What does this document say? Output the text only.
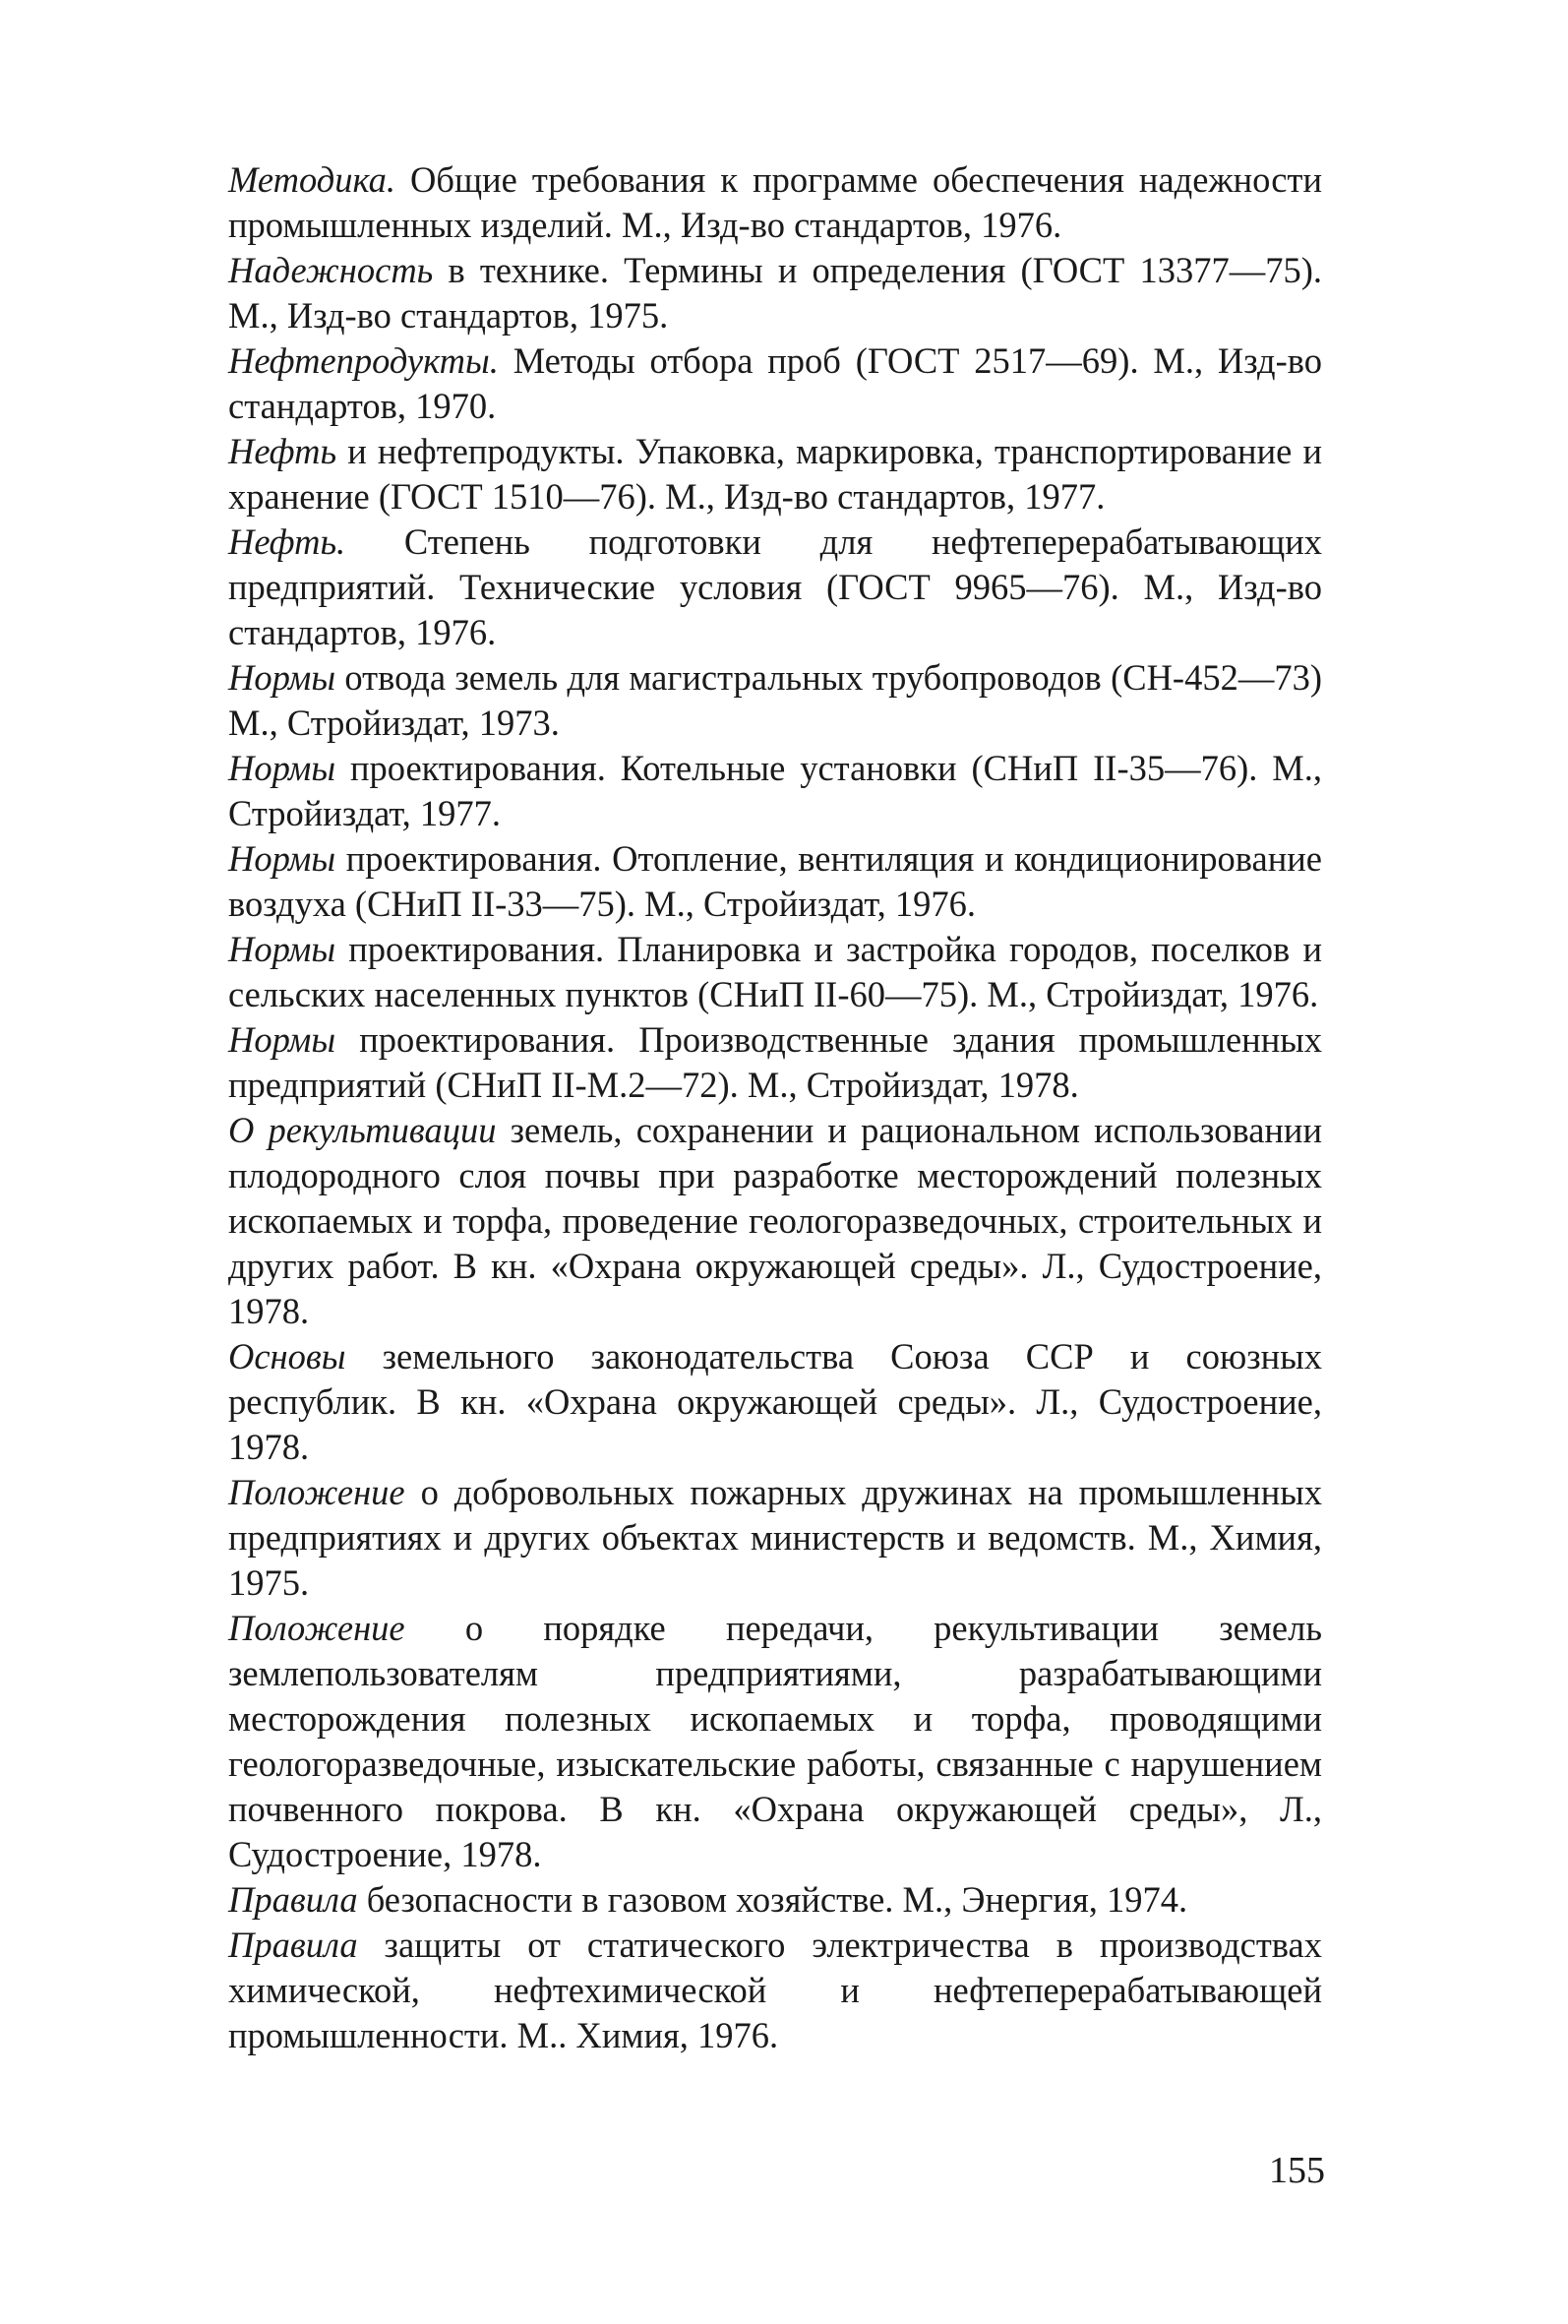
Методика. Общие требования к программе обеспечения надежности промышленных изделий. М., Изд-во стандартов, 1976.
Надежность в технике. Термины и определения (ГОСТ 13377—75). М., Изд-во стандартов, 1975.
Нефтепродукты. Методы отбора проб (ГОСТ 2517—69). М., Изд-во стандартов, 1970.
Нефть и нефтепродукты. Упаковка, маркировка, транспортирование и хранение (ГОСТ 1510—76). М., Изд-во стандартов, 1977.
Нефть. Степень подготовки для нефтеперерабатывающих предприятий. Технические условия (ГОСТ 9965—76). М., Изд-во стандартов, 1976.
Нормы отвода земель для магистральных трубопроводов (СН-452—73) М., Стройиздат, 1973.
Нормы проектирования. Котельные установки (СНиП II-35—76). М., Стройиздат, 1977.
Нормы проектирования. Отопление, вентиляция и кондиционирование воздуха (СНиП II-33—75). М., Стройиздат, 1976.
Нормы проектирования. Планировка и застройка городов, поселков и сельских населенных пунктов (СНиП II-60—75). М., Стройиздат, 1976.
Нормы проектирования. Производственные здания промышленных предприятий (СНиП II-М.2—72). М., Стройиздат, 1978.
О рекультивации земель, сохранении и рациональном использовании плодородного слоя почвы при разработке месторождений полезных ископаемых и торфа, проведение геологоразведочных, строительных и других работ. В кн. «Охрана окружающей среды». Л., Судостроение, 1978.
Основы земельного законодательства Союза ССР и союзных республик. В кн. «Охрана окружающей среды». Л., Судостроение, 1978.
Положение о добровольных пожарных дружинах на промышленных предприятиях и других объектах министерств и ведомств. М., Химия, 1975.
Положение о порядке передачи, рекультивации земель землепользователям предприятиями, разрабатывающими месторождения полезных ископаемых и торфа, проводящими геологоразведочные, изыскательские работы, связанные с нарушением почвенного покрова. В кн. «Охрана окружающей среды», Л., Судостроение, 1978.
Правила безопасности в газовом хозяйстве. М., Энергия, 1974.
Правила защиты от статического электричества в производствах химической, нефтехимической и нефтеперерабатывающей промышленности. М.. Химия, 1976.
155
